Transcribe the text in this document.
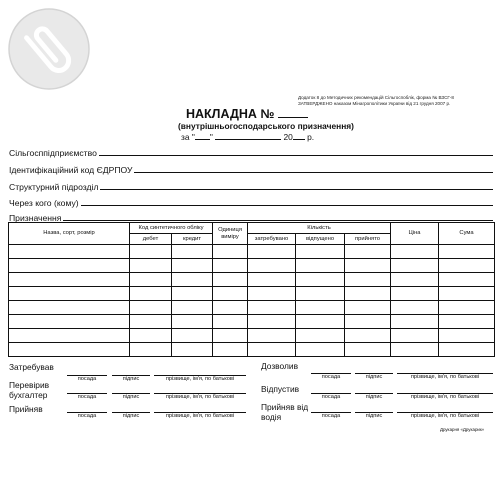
Додаток 8 до Методичних рекомендацій Сільгоспоблік, форма № ВЗСГ-8
ЗАТВЕРДЖЕНО наказом Мінагрополітики України від 21 грудня 2007 р.
НАКЛАДНА №
(внутрішньогосподарського призначення)
за " "	20 р.
Сільгосппідприємство
Ідентифікаційний код ЄДРПОУ
Структурний підрозділ
Через кого (кому)
Призначення
Назва, сорт, розмір	Код синтетичного обліку		Одиниця виміру	Кількість			Ціна	Сума
	дебет	кредит		затребувано	відпущено	прийнято		

Затребував
Перевірив бухгалтер
Прийняв
Дозволив
Відпустив
Прийняв від водія
посада	підпис	прізвище, ім'я, по батькові
посада	підпис	прізвище, ім'я, по батькові
посада	підпис	прізвище, ім'я, по батькові
посада	підпис	прізвище, ім'я, по батькові
посада	підпис	прізвище, ім'я, по батькові
посада	підпис	прізвище, ім'я, по батькові
Друкарня «Друкарик»
